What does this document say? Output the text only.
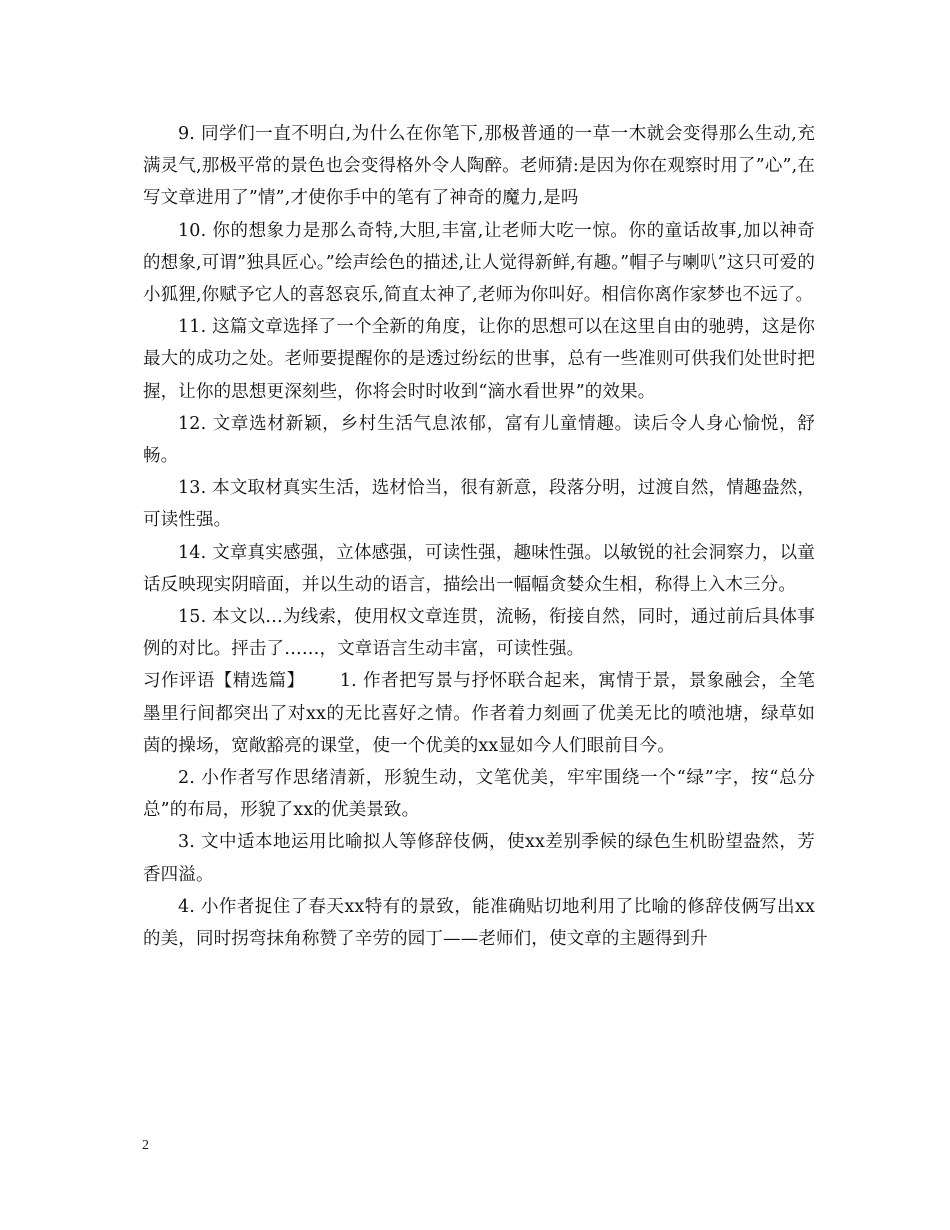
9. 同学们一直不明白,为什么在你笔下,那极普通的一草一木就会变得那么生动,充满灵气,那极平常的景色也会变得格外令人陶醉。老师猜:是因为你在观察时用了”心”,在写文章进用了”情”,才使你手中的笔有了神奇的魔力,是吗

10. 你的想象力是那么奇特,大胆,丰富,让老师大吃一惊。你的童话故事,加以神奇的想象,可谓”独具匠心。”绘声绘色的描述,让人觉得新鲜,有趣。”帽子与喇叭”这只可爱的小狐狸,你赋予它人的喜怒哀乐,简直太神了,老师为你叫好。相信你离作家梦也不远了。

11. 这篇文章选择了一个全新的角度，让你的思想可以在这里自由的驰骋，这是你最大的成功之处。老师要提醒你的是透过纷纭的世事，总有一些准则可供我们处世时把握，让你的思想更深刻些，你将会时时收到“滴水看世界”的效果。

12. 文章选材新颖，乡村生活气息浓郁，富有儿童情趣。读后令人身心愉悦，舒畅。

13. 本文取材真实生活，选材恰当，很有新意，段落分明，过渡自然，情趣盎然，可读性强。

14. 文章真实感强，立体感强，可读性强，趣味性强。以敏锐的社会洞察力，以童话反映现实阴暗面，并以生动的语言，描绘出一幅幅贪婪众生相，称得上入木三分。

15. 本文以…为线索，使用权文章连贯，流畅，衔接自然，同时，通过前后具体事例的对比。抨击了……，文章语言生动丰富，可读性强。

习作评语【精选篇】   1. 作者把写景与抒怀联合起来，寓情于景，景象融会，全笔墨里行间都突出了对xx的无比喜好之情。作者着力刻画了优美无比的喷池塘，绿草如茵的操场，宽敞豁亮的课堂，使一个优美的xx显如今人们眼前目今。

2. 小作者写作思绪清新，形貌生动，文笔优美，牢牢围绕一个“绿”字，按“总分总”的布局，形貌了xx的优美景致。

3. 文中适本地运用比喻拟人等修辞伎俩，使xx差别季候的绿色生机盼望盎然，芳香四溢。

4. 小作者捉住了春天xx特有的景致，能准确贴切地利用了比喻的修辞伎俩写出xx的美，同时拐弯抹角称赞了辛劳的园丁——老师们，使文章的主题得到升

2
